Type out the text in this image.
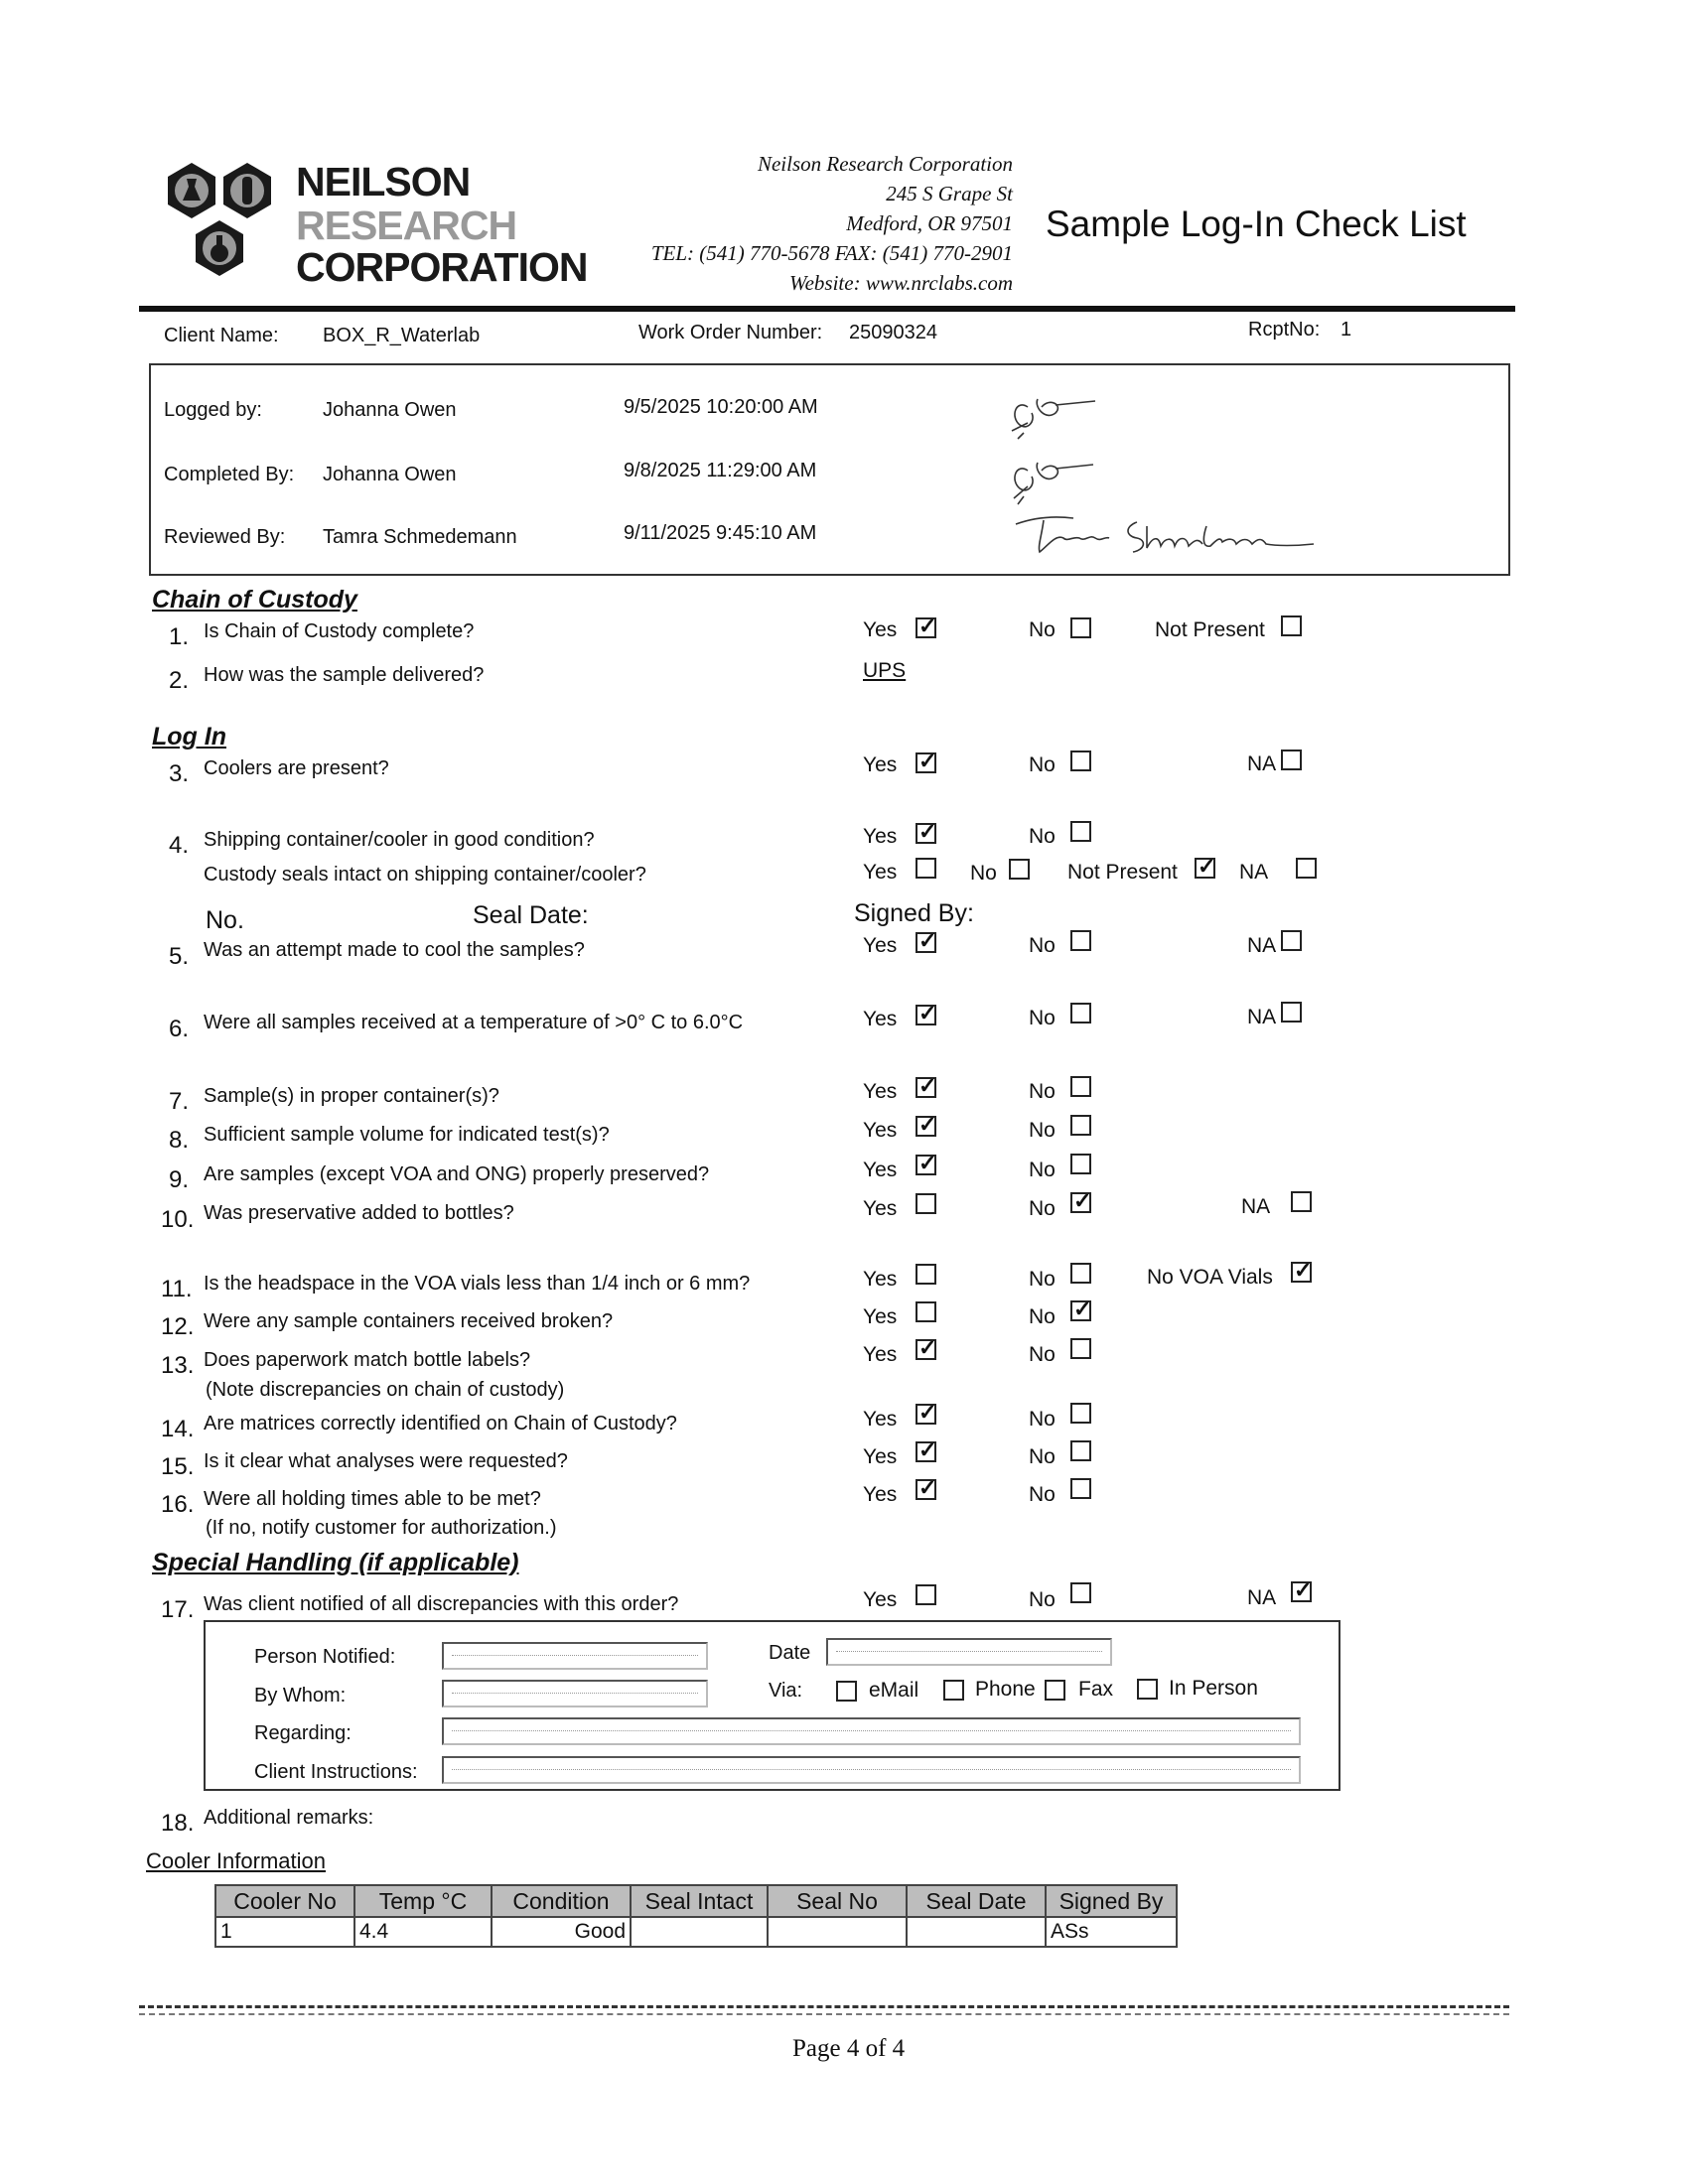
NEILSON
RESEARCH
CORPORATION
Neilson Research Corporation
245 S Grape St
Medford, OR 97501
TEL: (541) 770-5678 FAX: (541) 770-2901
Website: www.nrclabs.com
Sample Log-In Check List
Client Name: BOX_R_Waterlab	Work Order Number: 25090324	RcptNo: 1
Logged by:	Johanna Owen	9/5/2025 10:20:00 AM
Completed By: Johanna Owen	9/8/2025 11:29:00 AM
Reviewed By: Tamra Schmedemann	9/11/2025 9:45:10 AM
Chain of Custody
1. Is Chain of Custody complete?	Yes ✓	No	Not Present
2. How was the sample delivered?	UPS
Log In
3. Coolers are present?	Yes ✓	No	NA
4. Shipping container/cooler in good condition?	Yes ✓	No
Custody seals intact on shipping container/cooler?	Yes	No	Not Present ✓ NA
No.	Seal Date:	Signed By:
5. Was an attempt made to cool the samples?	Yes ✓	No	NA
6. Were all samples received at a temperature of >0° C to 6.0°C	Yes ✓	No	NA
7. Sample(s) in proper container(s)?	Yes ✓	No
8. Sufficient sample volume for indicated test(s)?	Yes ✓	No
9. Are samples (except VOA and ONG) properly preserved?	Yes ✓	No
10. Was preservative added to bottles?	Yes	No ✓	NA
11. Is the headspace in the VOA vials less than 1/4 inch or 6 mm?	Yes	No	No VOA Vials ✓
12. Were any sample containers received broken?	Yes	No ✓
13. Does paperwork match bottle labels?
(Note discrepancies on chain of custody)
Yes ✓	No
14. Are matrices correctly identified on Chain of Custody?	Yes ✓	No
15. Is it clear what analyses were requested?	Yes ✓	No
16. Were all holding times able to be met?
(If no, notify customer for authorization.)
Yes ✓	No
Special Handling (if applicable)
17. Was client notified of all discrepancies with this order?	Yes	No	NA ✓
Person Notified:	Date
By Whom:	Via:	eMail	Phone Fax	In Person
Regarding:
Client Instructions:
18. Additional remarks:
Cooler Information
Cooler No	Temp °C	Condition	Seal Intact	Seal No	Seal Date	Signed By
1	4.4	Good				ASs
Page 4 of 4
